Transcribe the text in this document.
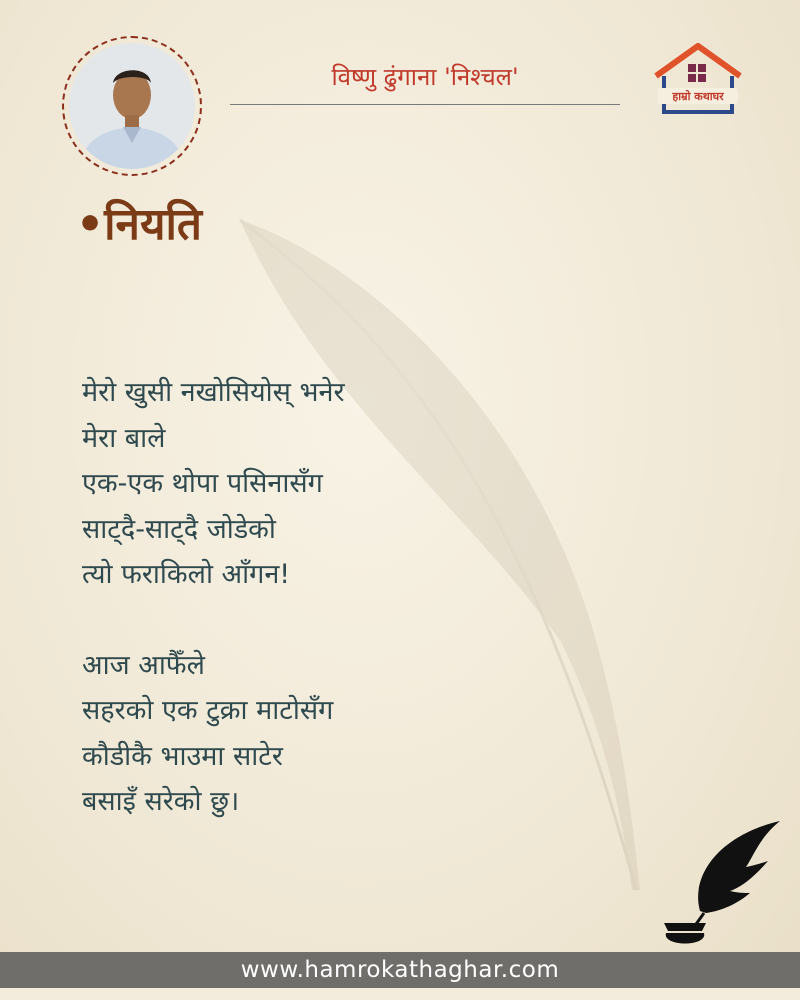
विष्णु ढुंगाना 'निश्चल'
हाम्रो कथाघर
•नियति
मेरो खुसी नखोसियोस् भनेर
मेरा बाले
एक-एक थोपा पसिनासँग
साट्दै-साट्दै जोडेको
त्यो फराकिलो आँगन!
आज आफैँले
सहरको एक टुक्रा माटोसँग
कौडीकै भाउमा साटेर
बसाइँ सरेको छु।
www.hamrokathaghar.com
